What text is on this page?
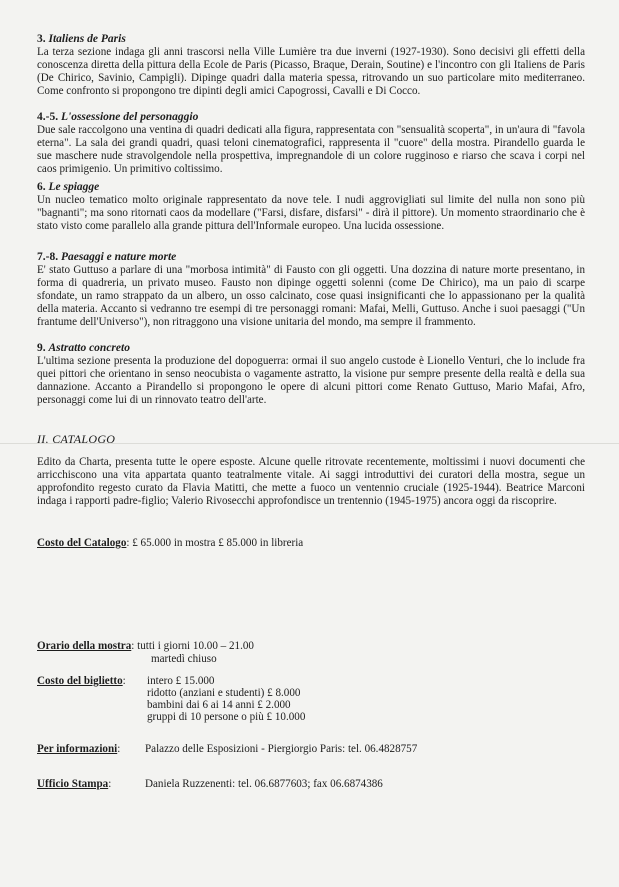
3. Italiens de Paris

La terza sezione indaga gli anni trascorsi nella Ville Lumière tra due inverni (1927-1930). Sono decisivi gli effetti della conoscenza diretta della pittura della Ecole de Paris (Picasso, Braque, Derain, Soutine) e l'incontro con gli Italiens de Paris (De Chirico, Savinio, Campigli). Dipinge quadri dalla materia spessa, ritrovando un suo particolare mito mediterraneo. Come confronto si propongono tre dipinti degli amici Capogrossi, Cavalli e Di Cocco.

4.-5. L'ossessione del personaggio

Due sale raccolgono una ventina di quadri dedicati alla figura, rappresentata con "sensualità scoperta", in un'aura di "favola eterna". La sala dei grandi quadri, quasi teloni cinematografici, rappresenta il "cuore" della mostra. Pirandello guarda le sue maschere nude stravolgendole nella prospettiva, impregnandole di un colore rugginoso e riarso che scava i corpi nel caos primigenio. Un primitivo coltissimo.

6. Le spiagge

Un nucleo tematico molto originale rappresentato da nove tele. I nudi aggrovigliati sul limite del nulla non sono più "bagnanti"; ma sono ritornati caos da modellare ("Farsi, disfare, disfarsi" - dirà il pittore). Un momento straordinario che è stato visto come parallelo alla grande pittura dell'Informale europeo. Una lucida ossessione.

7.-8. Paesaggi e nature morte

E' stato Guttuso a parlare di una "morbosa intimità" di Fausto con gli oggetti. Una dozzina di nature morte presentano, in forma di quadreria, un privato museo. Fausto non dipinge oggetti solenni (come De Chirico), ma un paio di scarpe sfondate, un ramo strappato da un albero, un osso calcinato, cose quasi insignificanti che lo appassionano per la qualità della materia. Accanto si vedranno tre esempi di tre personaggi romani: Mafai, Melli, Guttuso. Anche i suoi paesaggi ("Un frantume dell'Universo"), non ritraggono una visione unitaria del mondo, ma sempre il frammento.

9. Astratto concreto

L'ultima sezione presenta la produzione del dopoguerra: ormai il suo angelo custode è Lionello Venturi, che lo include fra quei pittori che orientano in senso neocubista o vagamente astratto, la visione pur sempre presente della realtà e della sua dannazione. Accanto a Pirandello si propongono le opere di alcuni pittori come Renato Guttuso, Mario Mafai, Afro, personaggi come lui di un rinnovato teatro dell'arte.

II. CATALOGO

Edito da Charta, presenta tutte le opere esposte. Alcune quelle ritrovate recentemente, moltissimi i nuovi documenti che arricchiscono una vita appartata quanto teatralmente vitale. Ai saggi introduttivi dei curatori della mostra, segue un approfondito regesto curato da Flavia Matitti, che mette a fuoco un ventennio cruciale (1925-1944). Beatrice Marconi indaga i rapporti padre-figlio; Valerio Rivosecchi approfondisce un trentennio (1945-1975) ancora oggi da riscoprire.

Costo del Catalogo: £ 65.000 in mostra £ 85.000 in libreria
Orario della mostra: tutti i giorni 10.00 – 21.00
martedì chiuso
Costo del biglietto: intero £ 15.000
ridotto (anziani e studenti) £ 8.000
bambini dai 6 ai 14 anni £ 2.000
gruppi di 10 persone o più £ 10.000
Per informazioni: Palazzo delle Esposizioni - Piergiorgio Paris: tel. 06.4828757
Ufficio Stampa:	Daniela Ruzzenenti: tel. 06.6877603; fax 06.6874386
